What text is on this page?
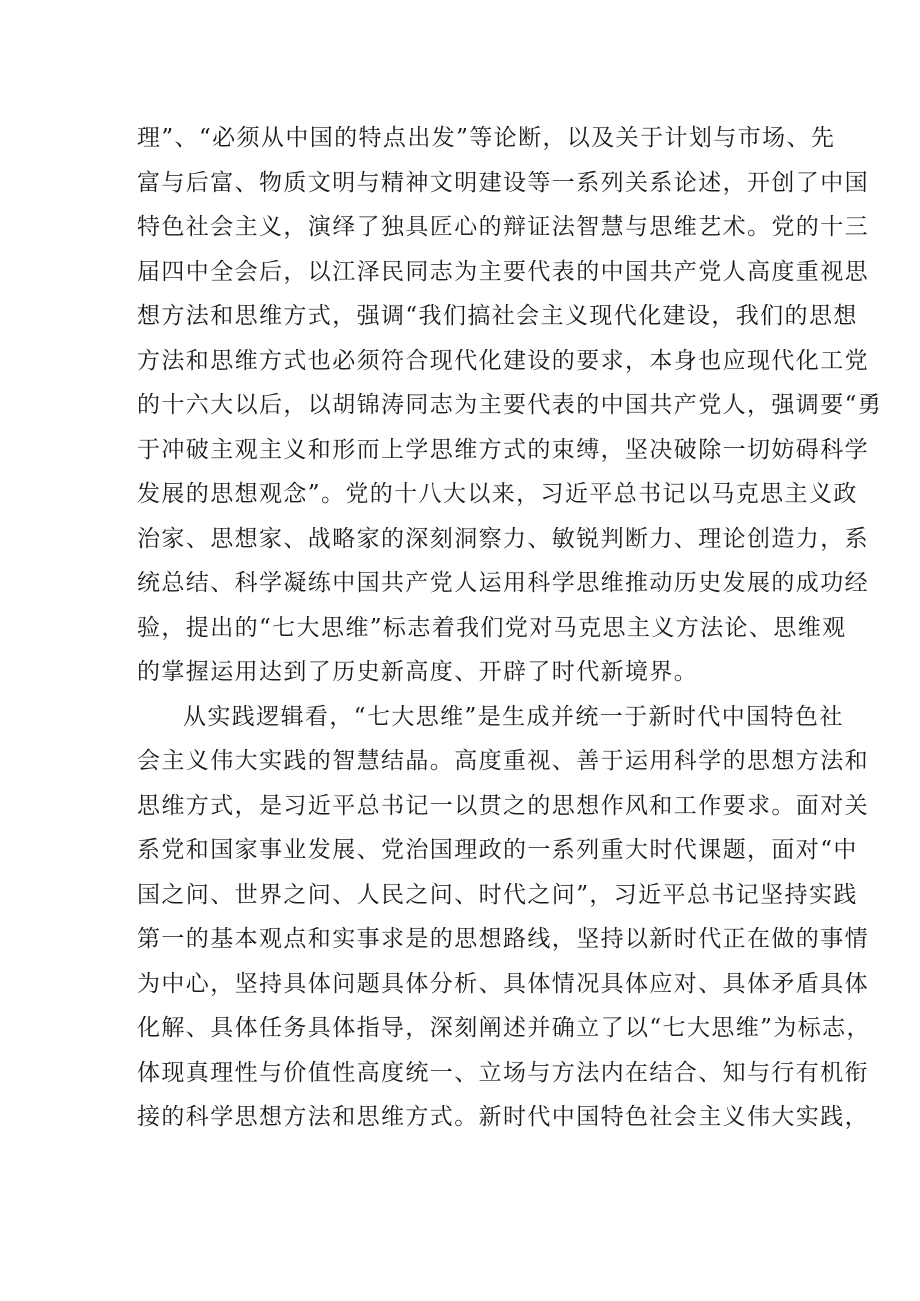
理”、“必须从中国的特点出发”等论断，以及关于计划与市场、先
富与后富、物质文明与精神文明建设等一系列关系论述，开创了中国
特色社会主义，演绎了独具匠心的辩证法智慧与思维艺术。党的十三
届四中全会后，以江泽民同志为主要代表的中国共产党人高度重视思
想方法和思维方式，强调“我们搞社会主义现代化建设，我们的思想
方法和思维方式也必须符合现代化建设的要求，本身也应现代化工党
的十六大以后，以胡锦涛同志为主要代表的中国共产党人，强调要“勇
于冲破主观主义和形而上学思维方式的束缚，坚决破除一切妨碍科学
发展的思想观念”。党的十八大以来，习近平总书记以马克思主义政
治家、思想家、战略家的深刻洞察力、敏锐判断力、理论创造力，系
统总结、科学凝练中国共产党人运用科学思维推动历史发展的成功经
验，提出的“七大思维”标志着我们党对马克思主义方法论、思维观
的掌握运用达到了历史新高度、开辟了时代新境界。
从实践逻辑看，“七大思维”是生成并统一于新时代中国特色社
会主义伟大实践的智慧结晶。高度重视、善于运用科学的思想方法和
思维方式，是习近平总书记一以贯之的思想作风和工作要求。面对关
系党和国家事业发展、党治国理政的一系列重大时代课题，面对“中
国之问、世界之问、人民之问、时代之问”，习近平总书记坚持实践
第一的基本观点和实事求是的思想路线，坚持以新时代正在做的事情
为中心，坚持具体问题具体分析、具体情况具体应对、具体矛盾具体
化解、具体任务具体指导，深刻阐述并确立了以“七大思维”为标志，
体现真理性与价值性高度统一、立场与方法内在结合、知与行有机衔
接的科学思想方法和思维方式。新时代中国特色社会主义伟大实践，
